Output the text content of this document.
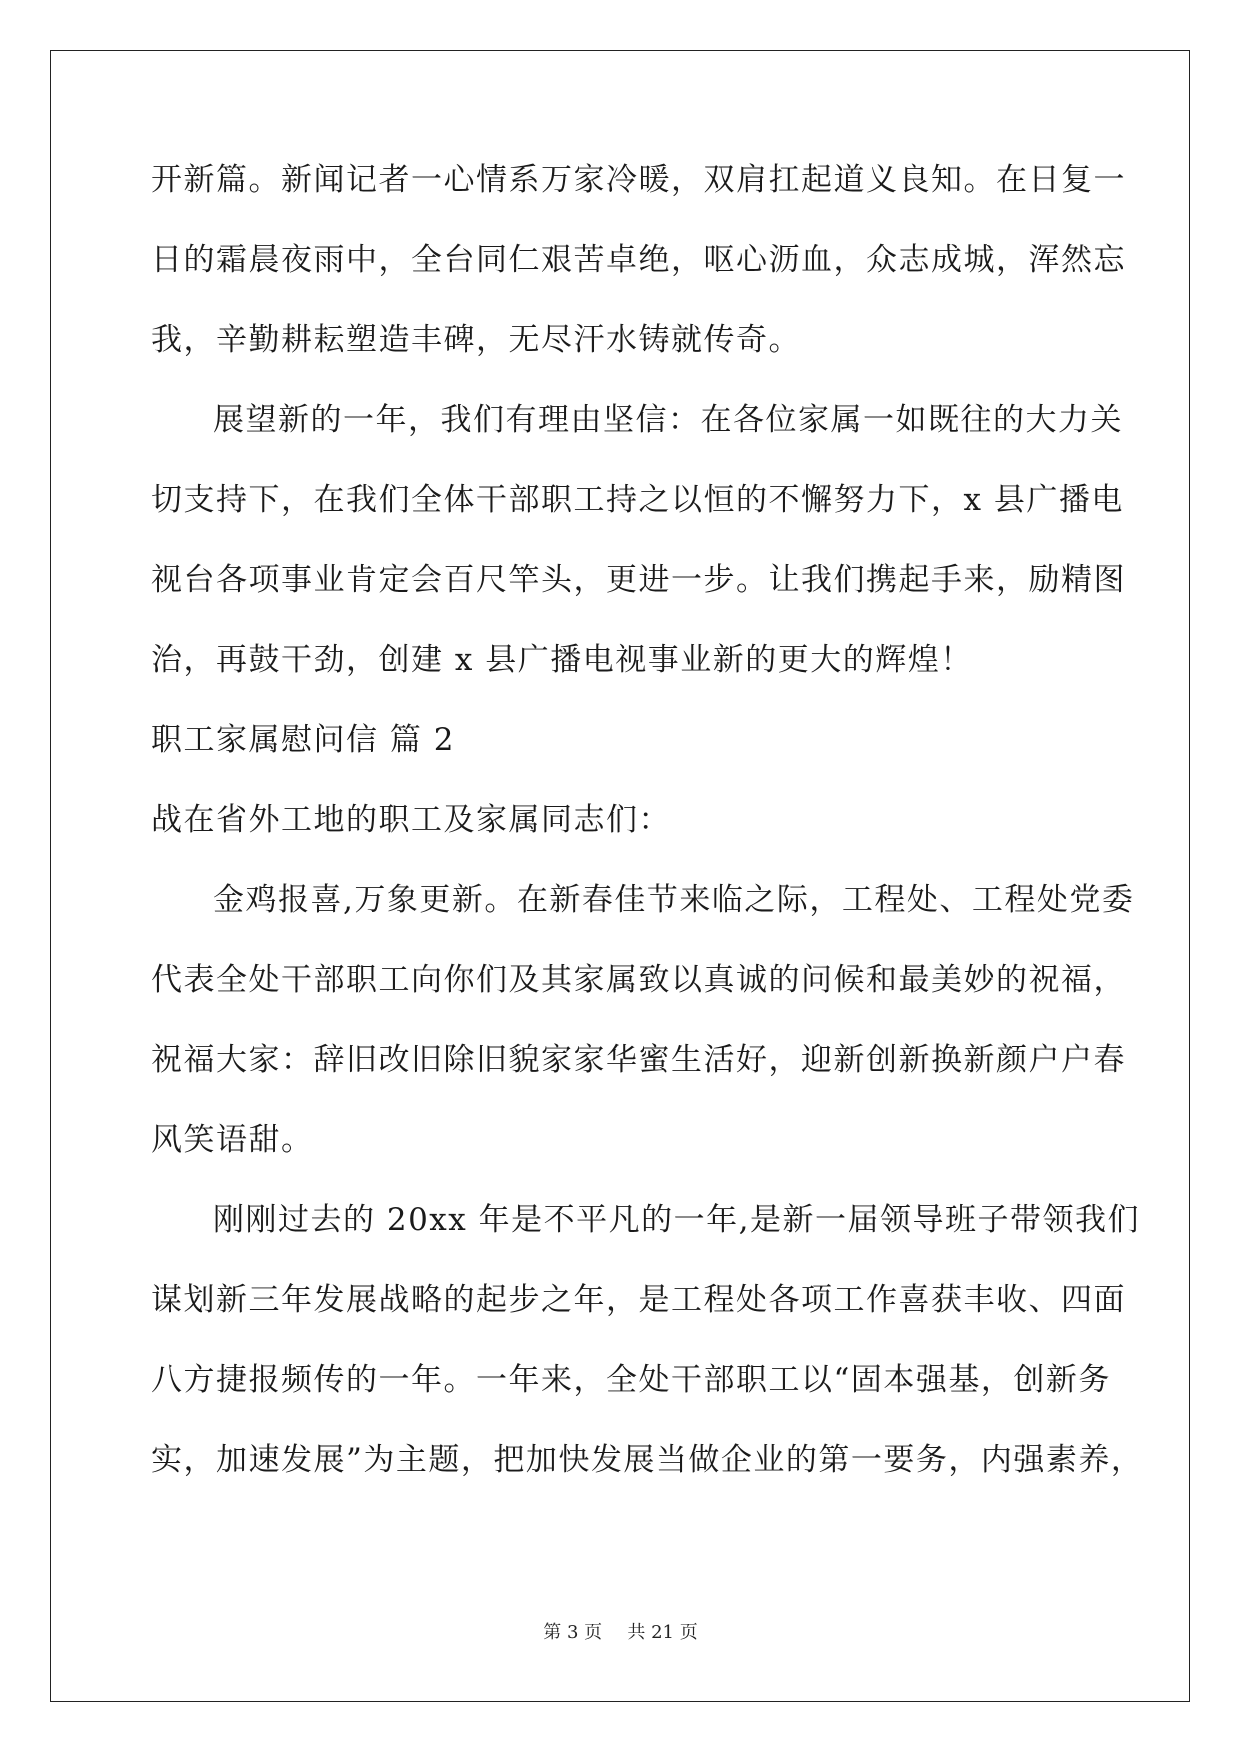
开新篇。新闻记者一心情系万家冷暖，双肩扛起道义良知。在日复一
日的霜晨夜雨中，全台同仁艰苦卓绝，呕心沥血，众志成城，浑然忘
我，辛勤耕耘塑造丰碑，无尽汗水铸就传奇。
展望新的一年，我们有理由坚信：在各位家属一如既往的大力关
切支持下，在我们全体干部职工持之以恒的不懈努力下，x 县广播电
视台各项事业肯定会百尺竿头，更进一步。让我们携起手来，励精图
治，再鼓干劲，创建 x 县广播电视事业新的更大的辉煌！
职工家属慰问信 篇 2
战在省外工地的职工及家属同志们：
金鸡报喜,万象更新。在新春佳节来临之际，工程处、工程处党委
代表全处干部职工向你们及其家属致以真诚的问候和最美妙的祝福，
祝福大家：辞旧改旧除旧貌家家华蜜生活好，迎新创新换新颜户户春
风笑语甜。
刚刚过去的 20xx 年是不平凡的一年,是新一届领导班子带领我们
谋划新三年发展战略的起步之年，是工程处各项工作喜获丰收、四面
八方捷报频传的一年。一年来，全处干部职工以“固本强基，创新务
实，加速发展”为主题，把加快发展当做企业的第一要务，内强素养，
第 3 页 共 21 页
